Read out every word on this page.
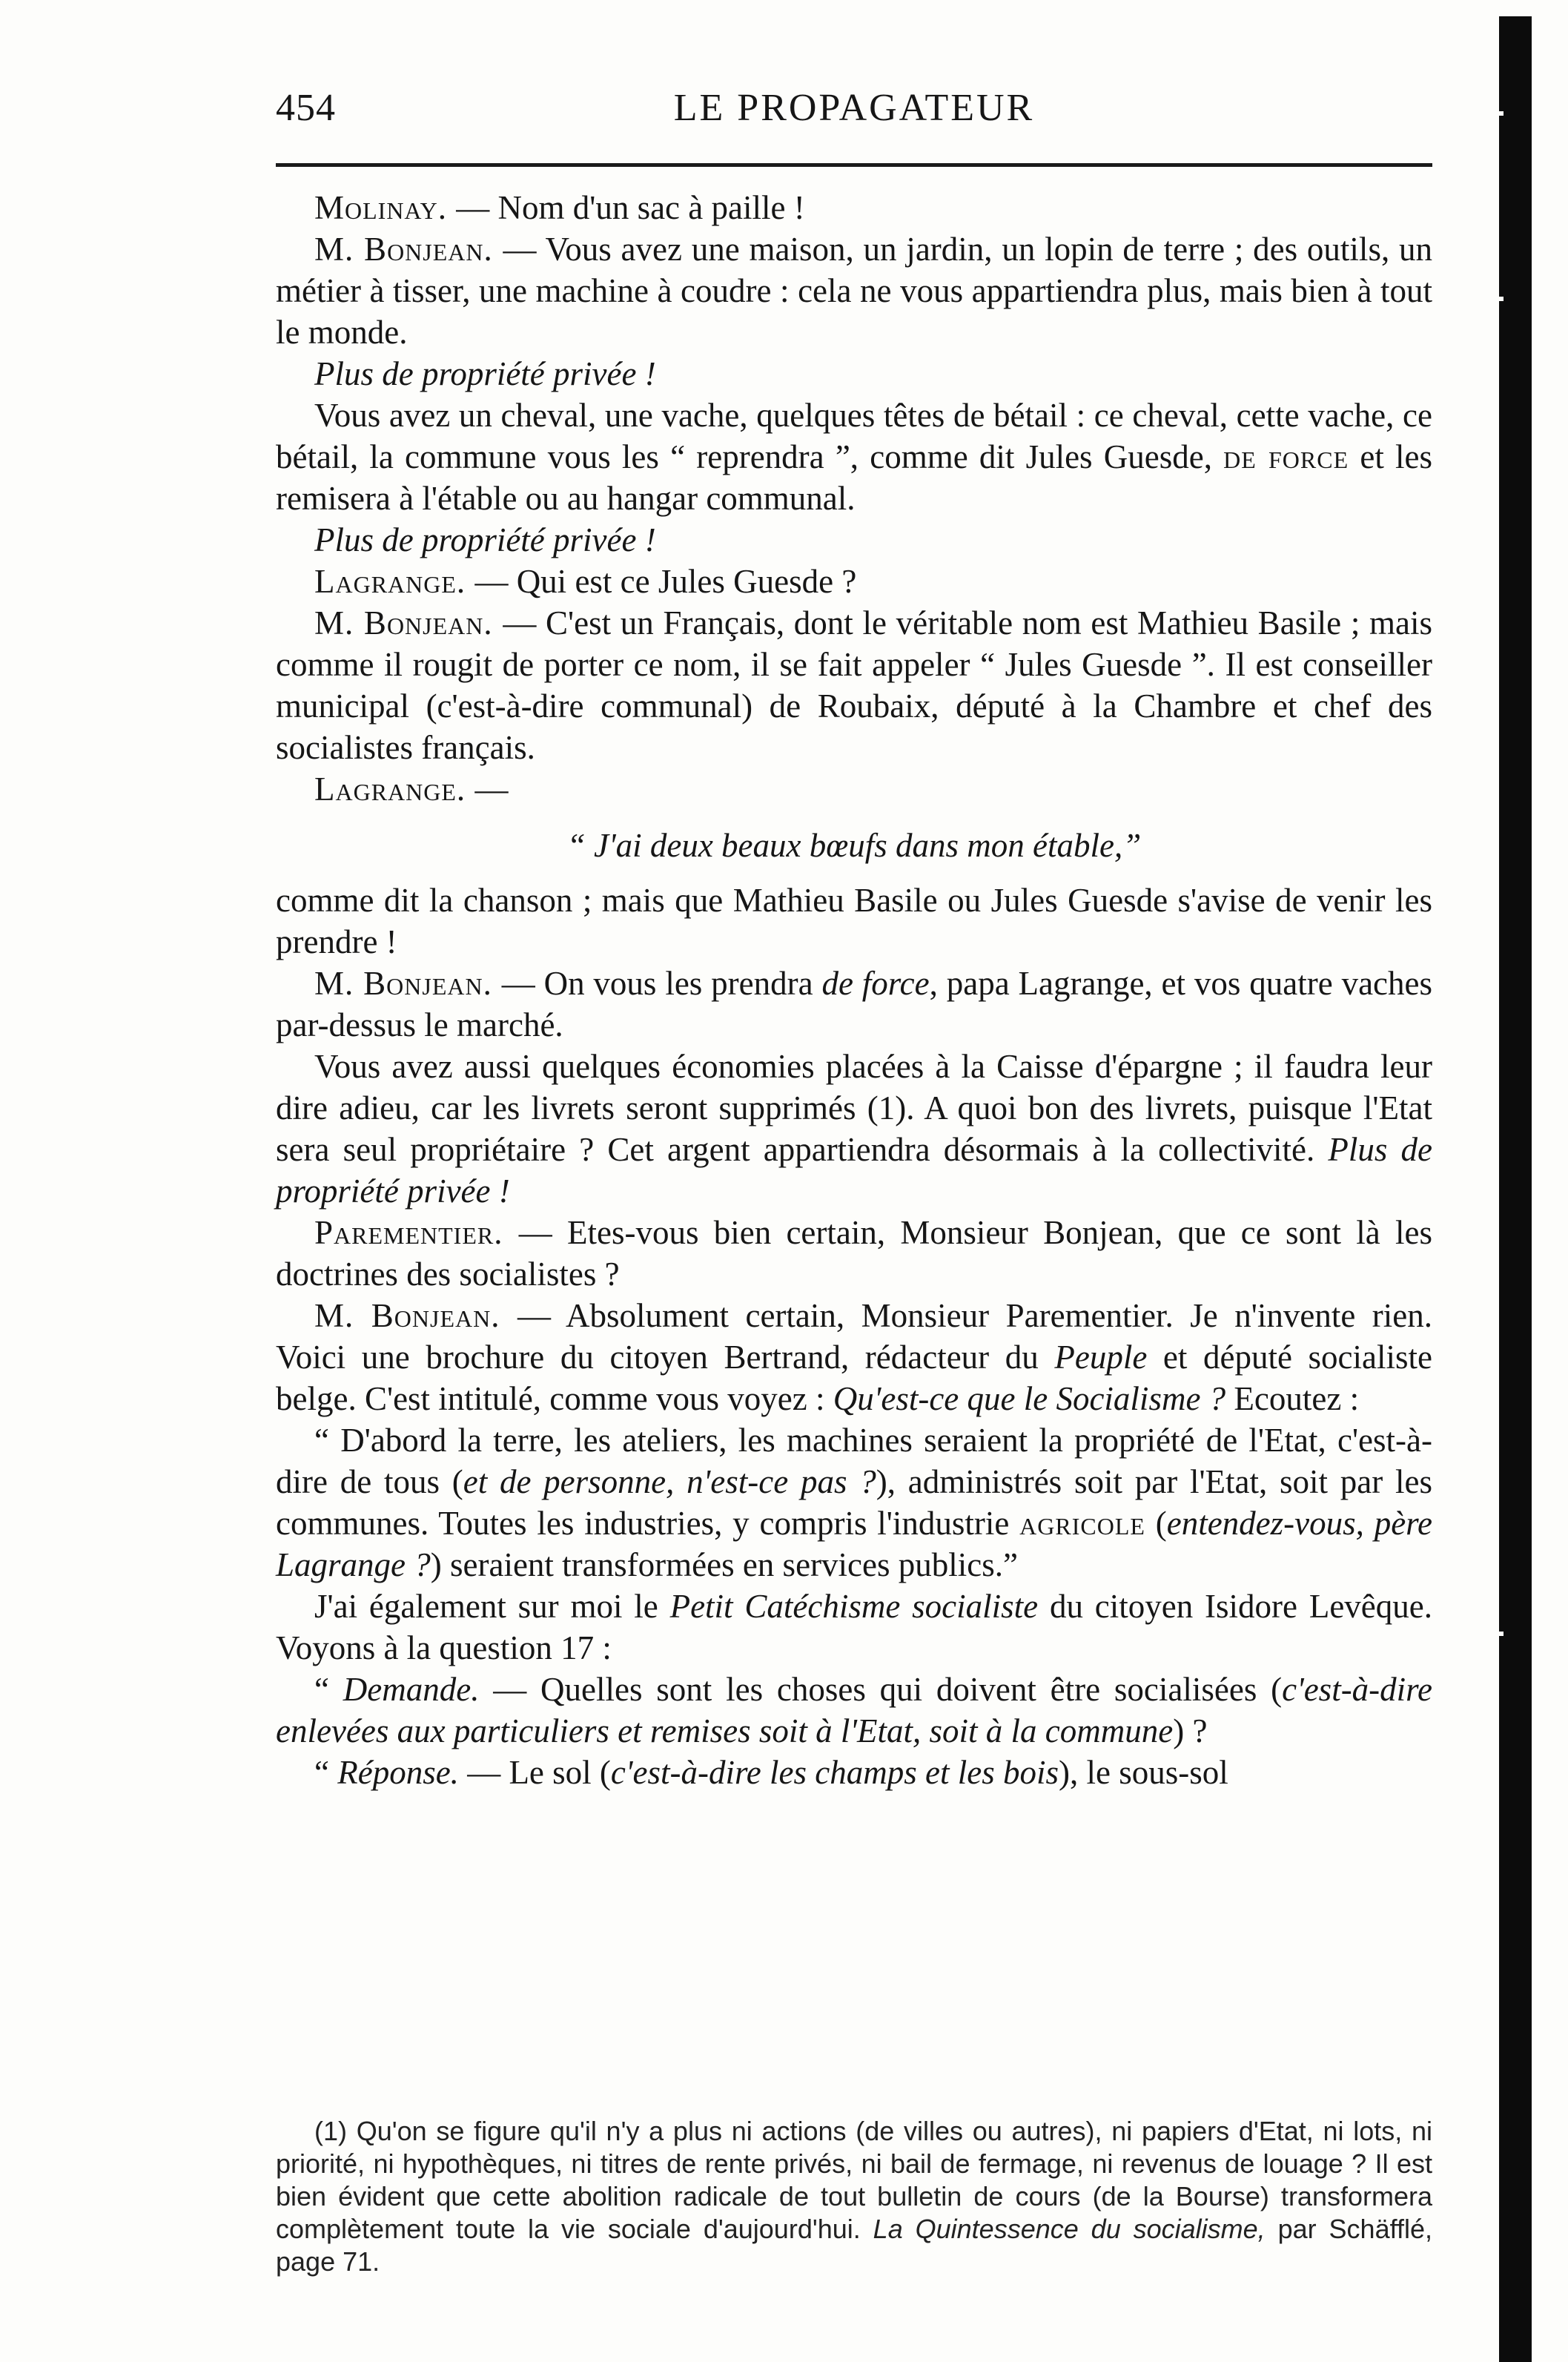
454	LE PROPAGATEUR

Molinay. — Nom d'un sac à paille !

M. Bonjean. — Vous avez une maison, un jardin, un lopin de terre ; des outils, un métier à tisser, une machine à coudre : cela ne vous appartiendra plus, mais bien à tout le monde.

Plus de propriété privée !

Vous avez un cheval, une vache, quelques têtes de bétail : ce cheval, cette vache, ce bétail, la commune vous les “ reprendra ”, comme dit Jules Guesde, de force et les remisera à l'étable ou au hangar communal.

Plus de propriété privée !

Lagrange. — Qui est ce Jules Guesde ?

M. Bonjean. — C'est un Français, dont le véritable nom est Mathieu Basile ; mais comme il rougit de porter ce nom, il se fait appeler “ Jules Guesde ”. Il est conseiller municipal (c'est-à-dire communal) de Roubaix, député à la Chambre et chef des socialistes français.

Lagrange. —

“ J'ai deux beaux bœufs dans mon étable,”

comme dit la chanson ; mais que Mathieu Basile ou Jules Guesde s'avise de venir les prendre !

M. Bonjean. — On vous les prendra de force, papa Lagrange, et vos quatre vaches par-dessus le marché.

Vous avez aussi quelques économies placées à la Caisse d'épargne ; il faudra leur dire adieu, car les livrets seront supprimés (1). A quoi bon des livrets, puisque l'Etat sera seul propriétaire ? Cet argent appartiendra désormais à la collectivité. Plus de propriété privée !

Parementier. — Etes-vous bien certain, Monsieur Bonjean, que ce sont là les doctrines des socialistes ?

M. Bonjean. — Absolument certain, Monsieur Parementier. Je n'invente rien. Voici une brochure du citoyen Bertrand, rédacteur du Peuple et député socialiste belge. C'est intitulé, comme vous voyez : Qu'est-ce que le Socialisme ? Ecoutez :

“ D'abord la terre, les ateliers, les machines seraient la propriété de l'Etat, c'est-à-dire de tous (et de personne, n'est-ce pas ?), administrés soit par l'Etat, soit par les communes. Toutes les industries, y compris l'industrie agricole (entendez-vous, père Lagrange ?) seraient transformées en services publics.”

J'ai également sur moi le Petit Catéchisme socialiste du citoyen Isidore Levêque. Voyons à la question 17 :

“ Demande. — Quelles sont les choses qui doivent être socialisées (c'est-à-dire enlevées aux particuliers et remises soit à l'Etat, soit à la commune) ?

“ Réponse. — Le sol (c'est-à-dire les champs et les bois), le sous-sol

(1) Qu'on se figure qu'il n'y a plus ni actions (de villes ou autres), ni papiers d'Etat, ni lots, ni priorité, ni hypothèques, ni titres de rente privés, ni bail de fermage, ni revenus de louage ? Il est bien évident que cette abolition radicale de tout bulletin de cours (de la Bourse) transformera complètement toute la vie sociale d'aujourd'hui. La Quintessence du socialisme, par Schäfflé, page 71.
